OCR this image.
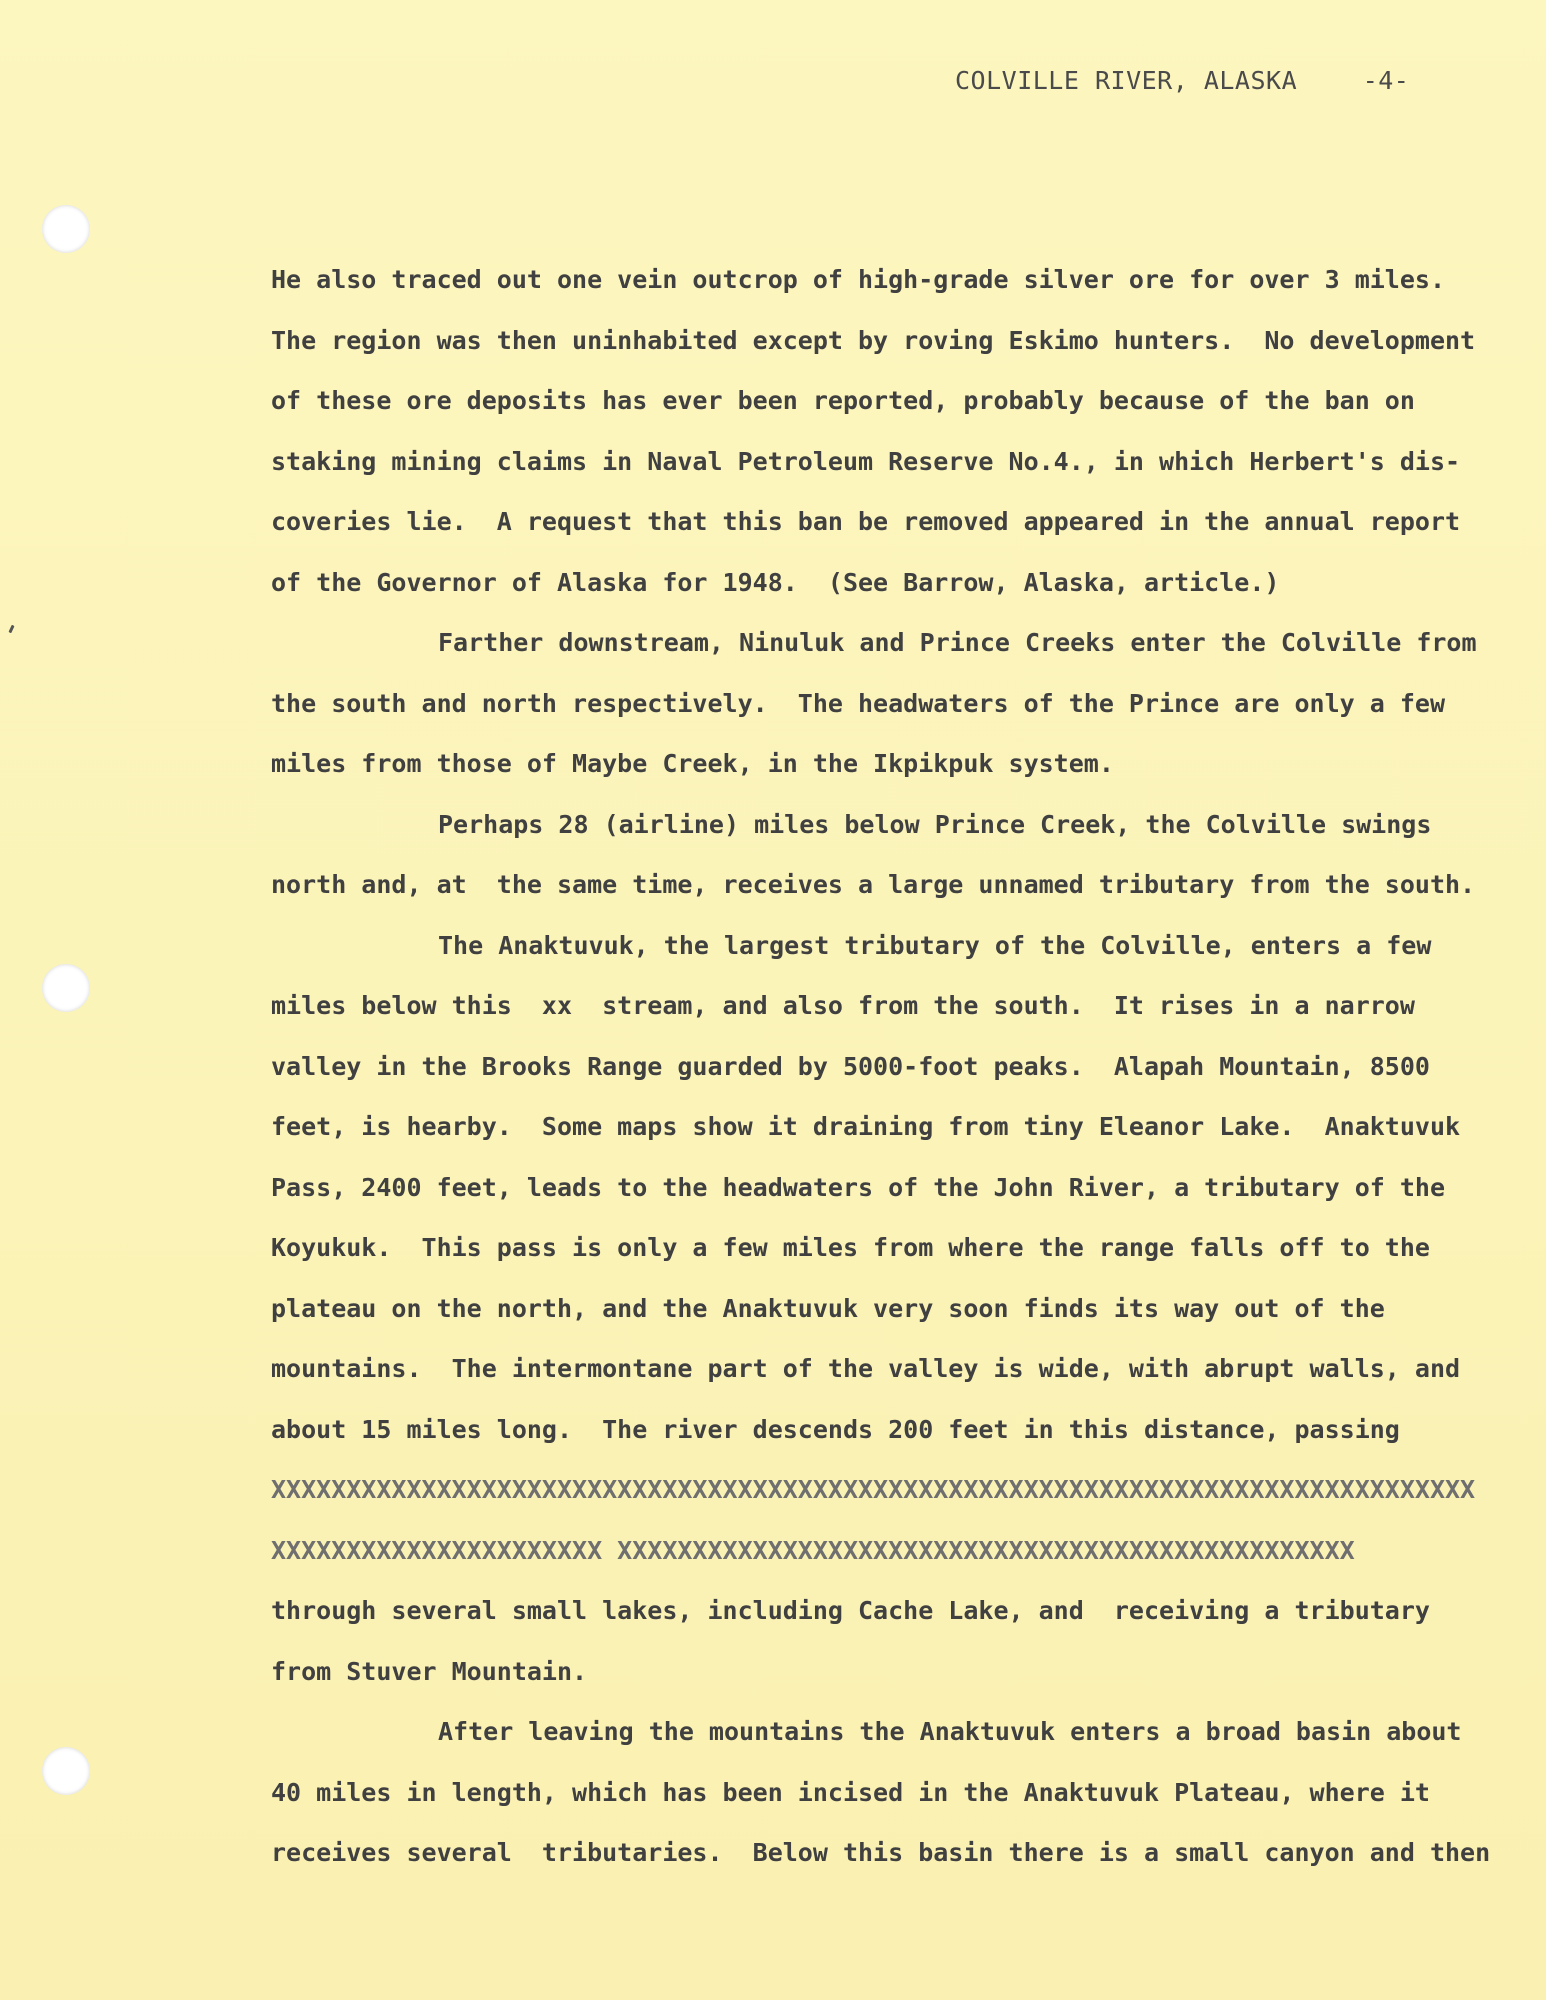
COLVILLE RIVER, ALASKA	-4-
He also traced out one vein outcrop of high-grade silver ore for over 3 miles.
The region was then uninhabited except by roving Eskimo hunters.  No development
of these ore deposits has ever been reported, probably because of the ban on
staking mining claims in Naval Petroleum Reserve No.4., in which Herbert's dis-
coveries lie.  A request that this ban be removed appeared in the annual report
of the Governor of Alaska for 1948.  (See Barrow, Alaska, article.)
Farther downstream, Ninuluk and Prince Creeks enter the Colville from
the south and north respectively.  The headwaters of the Prince are only a few
miles from those of Maybe Creek, in the Ikpikpuk system.
Perhaps 28 (airline) miles below Prince Creek, the Colville swings
north and, at  the same time, receives a large unnamed tributary from the south.
The Anaktuvuk, the largest tributary of the Colville, enters a few
miles below this  xx  stream, and also from the south.  It rises in a narrow
valley in the Brooks Range guarded by 5000-foot peaks.  Alapah Mountain, 8500
feet, is hearby.  Some maps show it draining from tiny Eleanor Lake.  Anaktuvuk
Pass, 2400 feet, leads to the headwaters of the John River, a tributary of the
Koyukuk.  This pass is only a few miles from where the range falls off to the
plateau on the north, and the Anaktuvuk very soon finds its way out of the
mountains.  The intermontane part of the valley is wide, with abrupt walls, and
about 15 miles long.  The river descends 200 feet in this distance, passing
XXXXXXXXXXXXXXXXXXXXXXXXXXXXXXXXXXXXXXXXXXXXXXXXXXXXXXXXXXXXXXXXXXXXXXXXXXXXXXXX
XXXXXXXXXXXXXXXXXXXXXX XXXXXXXXXXXXXXXXXXXXXXXXXXXXXXXXXXXXXXXXXXXXXXXXX
through several small lakes, including Cache Lake, and  receiving a tributary
from Stuver Mountain.
After leaving the mountains the Anaktuvuk enters a broad basin about
40 miles in length, which has been incised in the Anaktuvuk Plateau, where it
receives several  tributaries.  Below this basin there is a small canyon and then
